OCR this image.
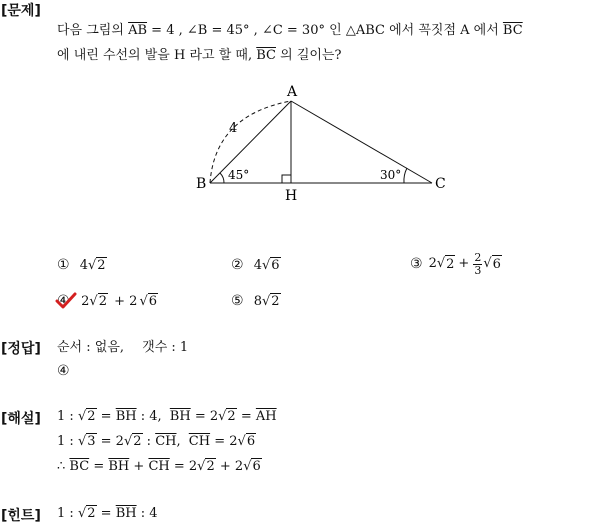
[문제]
다음 그림의 $\overline{AB} = 4$ , ∠B = 45° , ∠C = 30° 인 △ABC 에서 꼭짓점 A 에서 $\overline{BC}$
에 내린 수선의 발을 H 라고 할 때, $\overline{BC}$ 의 길이는?
A
B	C
H
4
45°	30°
① 4√2	② 4√6	③ 2 √ $2 + \frac{2}{3}$ √ 6
④ 2√2 + 2 √6	⑤ 8√2
[정답] 순서 : 없음, 갯수 : 1
④
[해설] 1 : $√2 = \overline{BH}$ : 4, $\overline{BH} = 2√2 = \overline{AH}$
1 : √3 = 2√2 : $\overline{CH}$, $\overline{CH} = 2√6$
∴ $\overline{BC} = \overline{BH} + \overline{CH} = 2√2 + 2√6$
[힌트] 1 : $√2 = \overline{BH}$ : 4
